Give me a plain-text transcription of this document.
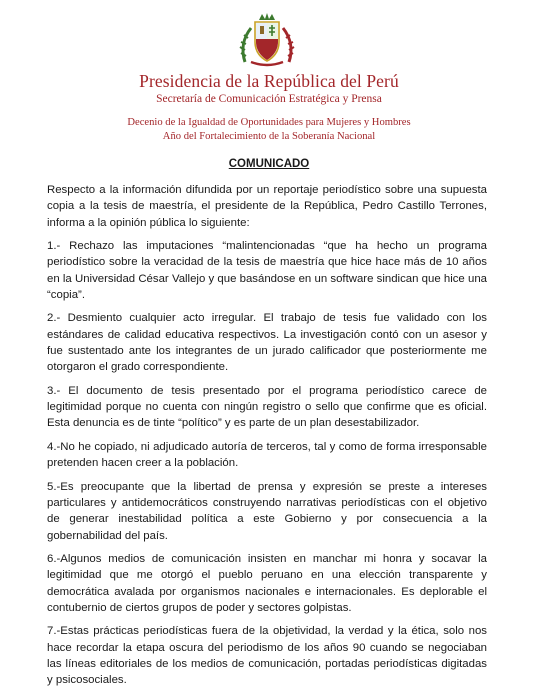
Presidencia de la República del Perú
Secretaría de Comunicación Estratégica y Prensa
Decenio de la Igualdad de Oportunidades para Mujeres y Hombres
Año del Fortalecimiento de la Soberanía Nacional
COMUNICADO

Respecto a la información difundida por un reportaje periodístico sobre una supuesta copia a la tesis de maestría, el presidente de la República, Pedro Castillo Terrones, informa a la opinión pública lo siguiente:

1.- Rechazo las imputaciones “malintencionadas “que ha hecho un programa periodístico sobre la veracidad de la tesis de maestría que hice hace más de 10 años en la Universidad César Vallejo y que basándose en un software sindican que hice una “copia”.

2.- Desmiento cualquier acto irregular. El trabajo de tesis fue validado con los estándares de calidad educativa respectivos. La investigación contó con un asesor y fue sustentado ante los integrantes de un jurado calificador que posteriormente me otorgaron el grado correspondiente.

3.- El documento de tesis presentado por el programa periodístico carece de legitimidad porque no cuenta con ningún registro o sello que confirme que es oficial. Esta denuncia es de tinte “político” y es parte de un plan desestabilizador.

4.-No he copiado, ni adjudicado autoría de terceros, tal y como de forma irresponsable pretenden hacen creer a la población.

5.-Es preocupante que la libertad de prensa y expresión se preste a intereses particulares y antidemocráticos construyendo narrativas periodísticas con el objetivo de generar inestabilidad política a este Gobierno y por consecuencia a la gobernabilidad del país.

6.-Algunos medios de comunicación insisten en manchar mi honra y socavar la legitimidad que me otorgó el pueblo peruano en una elección transparente y democrática avalada por organismos nacionales e internacionales. Es deplorable el contubernio de ciertos grupos de poder y sectores golpistas.

7.-Estas prácticas periodísticas fuera de la objetividad, la verdad y la ética, solo nos hace recordar la etapa oscura del periodismo de los años 90 cuando se negociaban las líneas editoriales de los medios de comunicación, portadas periodísticas digitadas y psicosociales.
